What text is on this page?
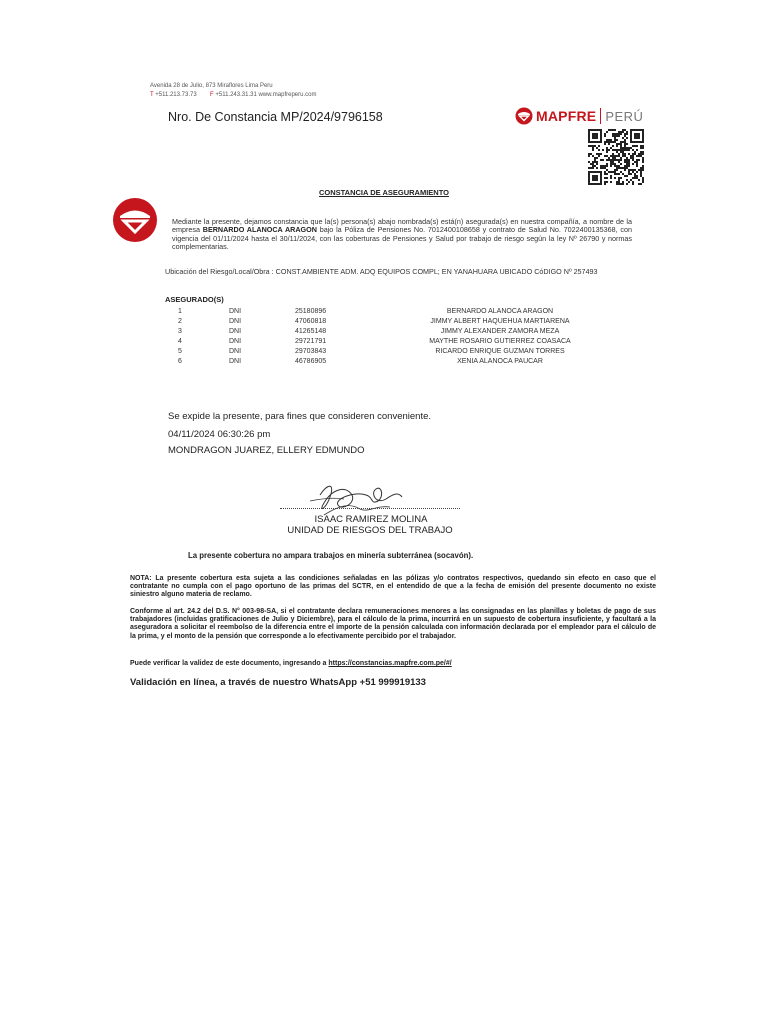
Avenida 28 de Julio, 873 Miraflores Lima Peru
T +511.213.73.73 F +511.243.31.31 www.mapfreperu.com
Nro. De Constancia MP/2024/9796158	MAPFRE PERÚ
CONSTANCIA DE ASEGURAMIENTO
Mediante la presente, dejamos constancia que la(s) persona(s) abajo nombrada(s) está(n) asegurada(s) en nuestra compañía, a nombre de la empresa BERNARDO ALANOCA ARAGON bajo la Póliza de Pensiones No. 7012400108658 y contrato de Salud No. 7022400135368, con vigencia del 01/11/2024 hasta el 30/11/2024, con las coberturas de Pensiones y Salud por trabajo de riesgo según la ley Nº 26790 y normas complementarias.
Ubicación del Riesgo/Local/Obra : CONST.AMBIENTE ADM. ADQ EQUIPOS COMPL; EN YANAHUARA UBICADO CóDIGO Nº 257493
ASEGURADO(S)
1	DNI	25180896	BERNARDO ALANOCA ARAGON
2	DNI	47060818	JIMMY ALBERT HAQUEHUA MARTIARENA
3	DNI	41265148	JIMMY ALEXANDER ZAMORA MEZA
4	DNI	29721791	MAYTHE ROSARIO GUTIERREZ COASACA
5	DNI	29703843	RICARDO ENRIQUE GUZMAN TORRES
6	DNI	46786905	XENIA ALANOCA PAUCAR
Se expide la presente, para fines que consideren conveniente.
04/11/2024 06:30:26 pm
MONDRAGON JUAREZ, ELLERY EDMUNDO
ISAAC RAMIREZ MOLINA
UNIDAD DE RIESGOS DEL TRABAJO
La presente cobertura no ampara trabajos en minería subterránea (socavón).
NOTA: La presente cobertura esta sujeta a las condiciones señaladas en las pólizas y/o contratos respectivos, quedando sin efecto en caso que el contratante no cumpla con el pago oportuno de las primas del SCTR, en el entendido de que a la fecha de emisión del presente documento no existe siniestro alguno materia de reclamo.
Conforme al art. 24.2 del D.S. N° 003-98-SA, si el contratante declara remuneraciones menores a las consignadas en las planillas y boletas de pago de sus trabajadores (incluidas gratificaciones de Julio y Diciembre), para el cálculo de la prima, incurrirá en un supuesto de cobertura insuficiente, y facultará a la aseguradora a solicitar el reembolso de la diferencia entre el importe de la pensión calculada con información declarada por el empleador para el cálculo de la prima, y el monto de la pensión que corresponde a lo efectivamente percibido por el trabajador.
Puede verificar la validez de este documento, ingresando a https://constancias.mapfre.com.pe/#/
Validación en línea, a través de nuestro WhatsApp +51 999919133
